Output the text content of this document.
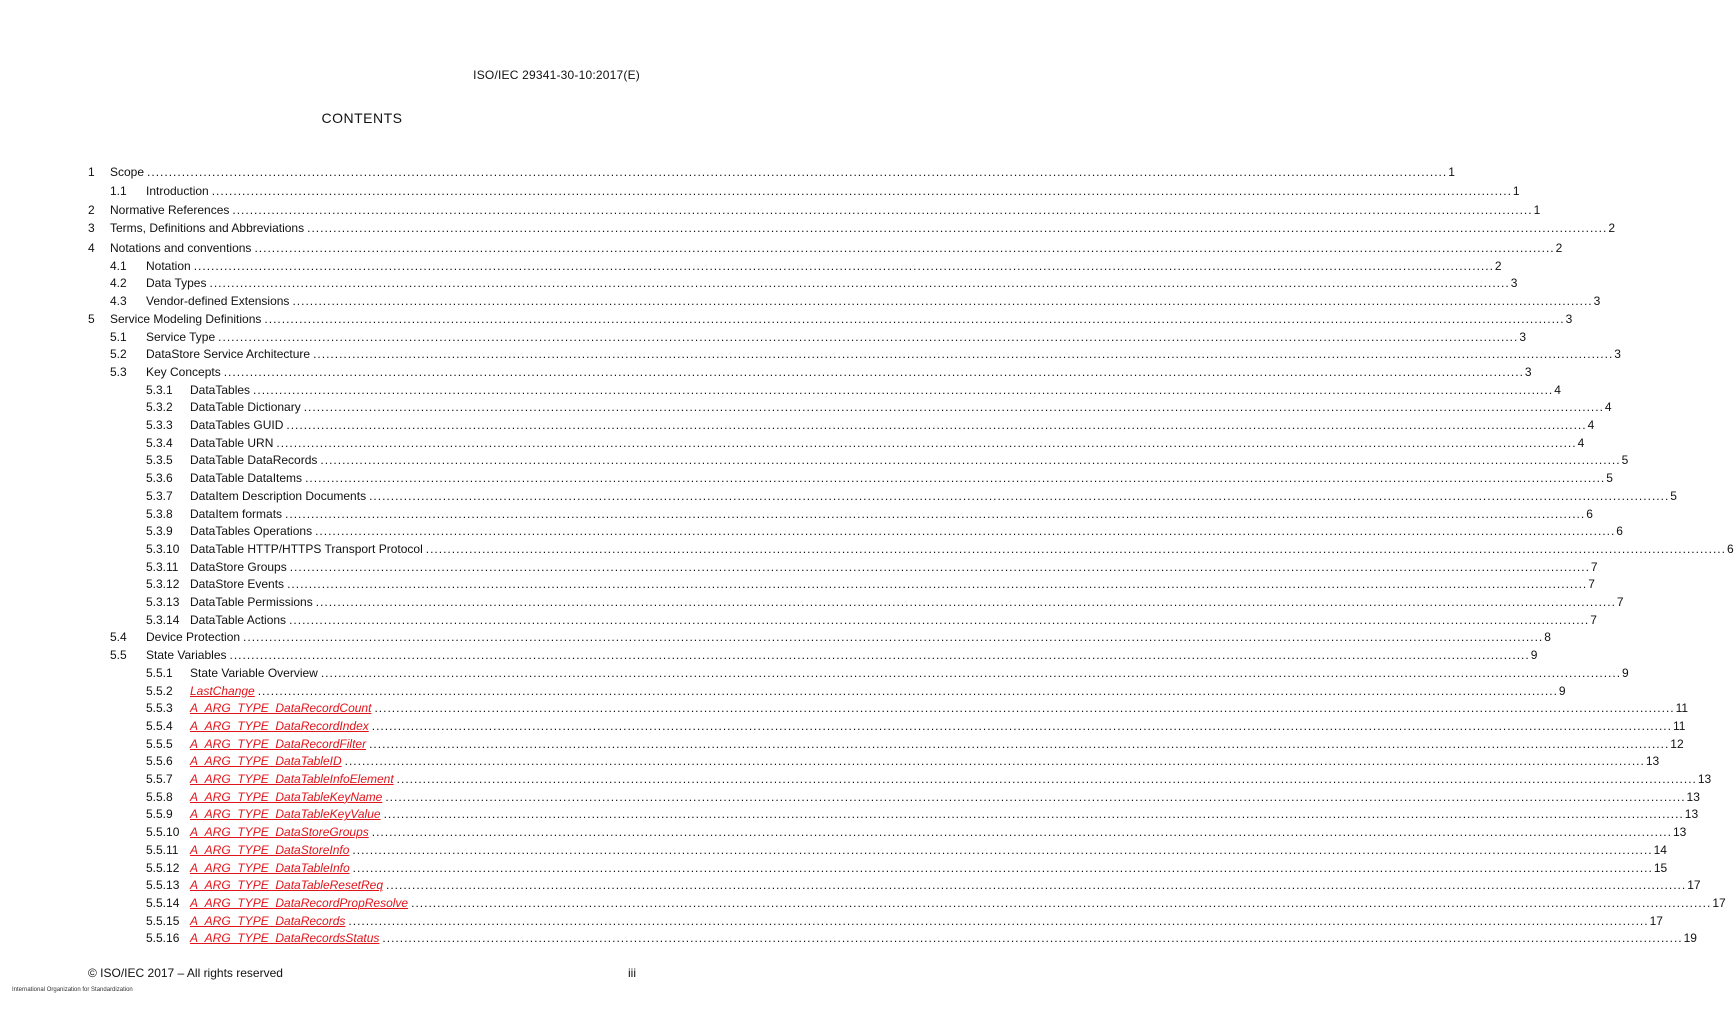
ISO/IEC 29341-30-10:2017(E)
CONTENTS
1 Scope ............................................................................................................................................................................................................................................................................................................ 1
1.1 Introduction ............................................................................................................................................................................................................................................................................................................ 1
2 Normative References ............................................................................................................................................................................................................................................................................................................ 1
3 Terms, Definitions and Abbreviations ............................................................................................................................................................................................................................................................................................................ 2
4 Notations and conventions ............................................................................................................................................................................................................................................................................................................ 2
4.1 Notation ............................................................................................................................................................................................................................................................................................................ 2
4.2 Data Types ............................................................................................................................................................................................................................................................................................................ 3
4.3 Vendor-defined Extensions ............................................................................................................................................................................................................................................................................................................ 3
5 Service Modeling Definitions ............................................................................................................................................................................................................................................................................................................ 3
5.1 Service Type ............................................................................................................................................................................................................................................................................................................ 3
5.2 DataStore Service Architecture ............................................................................................................................................................................................................................................................................................................ 3
5.3 Key Concepts ............................................................................................................................................................................................................................................................................................................ 3
5.3.1 DataTables ............................................................................................................................................................................................................................................................................................................ 4
5.3.2 DataTable Dictionary ............................................................................................................................................................................................................................................................................................................ 4
5.3.3 DataTables GUID ............................................................................................................................................................................................................................................................................................................ 4
5.3.4 DataTable URN ............................................................................................................................................................................................................................................................................................................ 4
5.3.5 DataTable DataRecords ............................................................................................................................................................................................................................................................................................................ 5
5.3.6 DataTable DataItems ............................................................................................................................................................................................................................................................................................................ 5
5.3.7 DataItem Description Documents ............................................................................................................................................................................................................................................................................................................ 5
5.3.8 DataItem formats ............................................................................................................................................................................................................................................................................................................ 6
5.3.9 DataTables Operations ............................................................................................................................................................................................................................................................................................................ 6
5.3.10 DataTable HTTP/HTTPS Transport Protocol ............................................................................................................................................................................................................................................................................................................ 6
5.3.11 DataStore Groups ............................................................................................................................................................................................................................................................................................................ 7
5.3.12 DataStore Events ............................................................................................................................................................................................................................................................................................................ 7
5.3.13 DataTable Permissions ............................................................................................................................................................................................................................................................................................................ 7
5.3.14 DataTable Actions ............................................................................................................................................................................................................................................................................................................ 7
5.4 Device Protection ............................................................................................................................................................................................................................................................................................................ 8
5.5 State Variables ............................................................................................................................................................................................................................................................................................................ 9
5.5.1 State Variable Overview ............................................................................................................................................................................................................................................................................................................ 9
5.5.2 LastChange ............................................................................................................................................................................................................................................................................................................ 9
5.5.3 A_ARG_TYPE_DataRecordCount ............................................................................................................................................................................................................................................................................................................ 11
5.5.4 A_ARG_TYPE_DataRecordIndex ............................................................................................................................................................................................................................................................................................................ 11
5.5.5 A_ARG_TYPE_DataRecordFilter ............................................................................................................................................................................................................................................................................................................ 12
5.5.6 A_ARG_TYPE_DataTableID ............................................................................................................................................................................................................................................................................................................ 13
5.5.7 A_ARG_TYPE_DataTableInfoElement ............................................................................................................................................................................................................................................................................................................ 13
5.5.8 A_ARG_TYPE_DataTableKeyName ............................................................................................................................................................................................................................................................................................................ 13
5.5.9 A_ARG_TYPE_DataTableKeyValue ............................................................................................................................................................................................................................................................................................................ 13
5.5.10 A_ARG_TYPE_DataStoreGroups ............................................................................................................................................................................................................................................................................................................ 13
5.5.11 A_ARG_TYPE_DataStoreInfo ............................................................................................................................................................................................................................................................................................................ 14
5.5.12 A_ARG_TYPE_DataTableInfo ............................................................................................................................................................................................................................................................................................................ 15
5.5.13 A_ARG_TYPE_DataTableResetReq ............................................................................................................................................................................................................................................................................................................ 17
5.5.14 A_ARG_TYPE_DataRecordPropResolve ............................................................................................................................................................................................................................................................................................................ 17
5.5.15 A_ARG_TYPE_DataRecords ............................................................................................................................................................................................................................................................................................................ 17
5.5.16 A_ARG_TYPE_DataRecordsStatus ............................................................................................................................................................................................................................................................................................................ 19
© ISO/IEC 2017 – All rights reserved	iii
International Organization for Standardization
